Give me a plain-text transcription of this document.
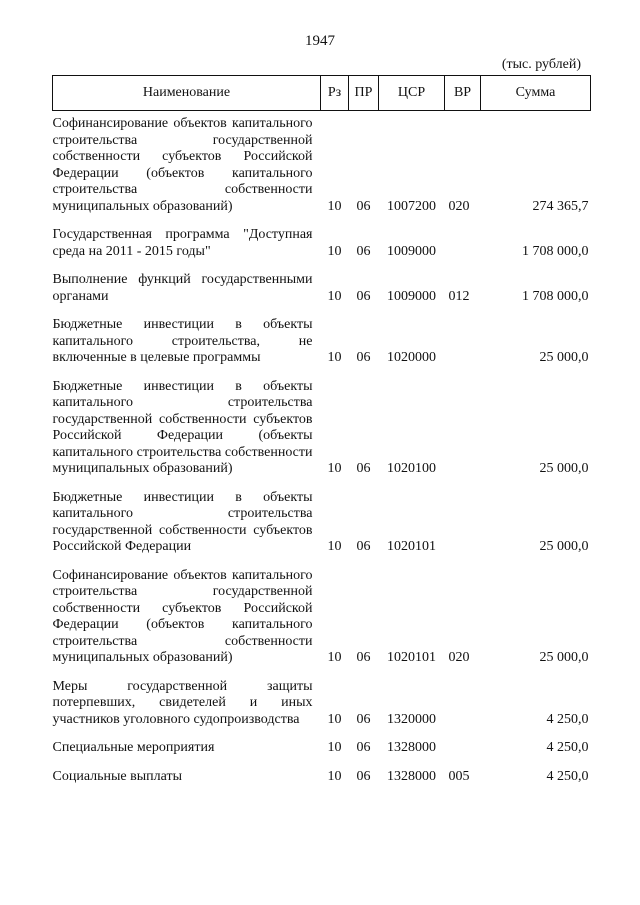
1947
(тыс. рублей)
Наименование	Рз	ПР	ЦСР	ВР	Сумма
Софинансирование объектов капитального строительства государственной собственности субъектов Российской Федерации (объектов капитального строительства собственности муниципальных образований)	10	06	1007200	020	274 365,7
Государственная программа "Доступная среда на 2011 - 2015 годы"	10	06	1009000		1 708 000,0
Выполнение функций государственными органами	10	06	1009000	012	1 708 000,0
Бюджетные инвестиции в объекты капитального строительства, не включенные в целевые программы	10	06	1020000		25 000,0
Бюджетные инвестиции в объекты капитального строительства государственной собственности субъектов Российской Федерации (объекты капитального строительства собственности муниципальных образований)	10	06	1020100		25 000,0
Бюджетные инвестиции в объекты капитального строительства государственной собственности субъектов Российской Федерации	10	06	1020101		25 000,0
Софинансирование объектов капитального строительства государственной собственности субъектов Российской Федерации (объектов капитального строительства собственности муниципальных образований)	10	06	1020101	020	25 000,0
Меры государственной защиты потерпевших, свидетелей и иных участников уголовного судопроизводства	10	06	1320000		4 250,0
Специальные мероприятия	10	06	1328000		4 250,0
Социальные выплаты	10	06	1328000	005	4 250,0
